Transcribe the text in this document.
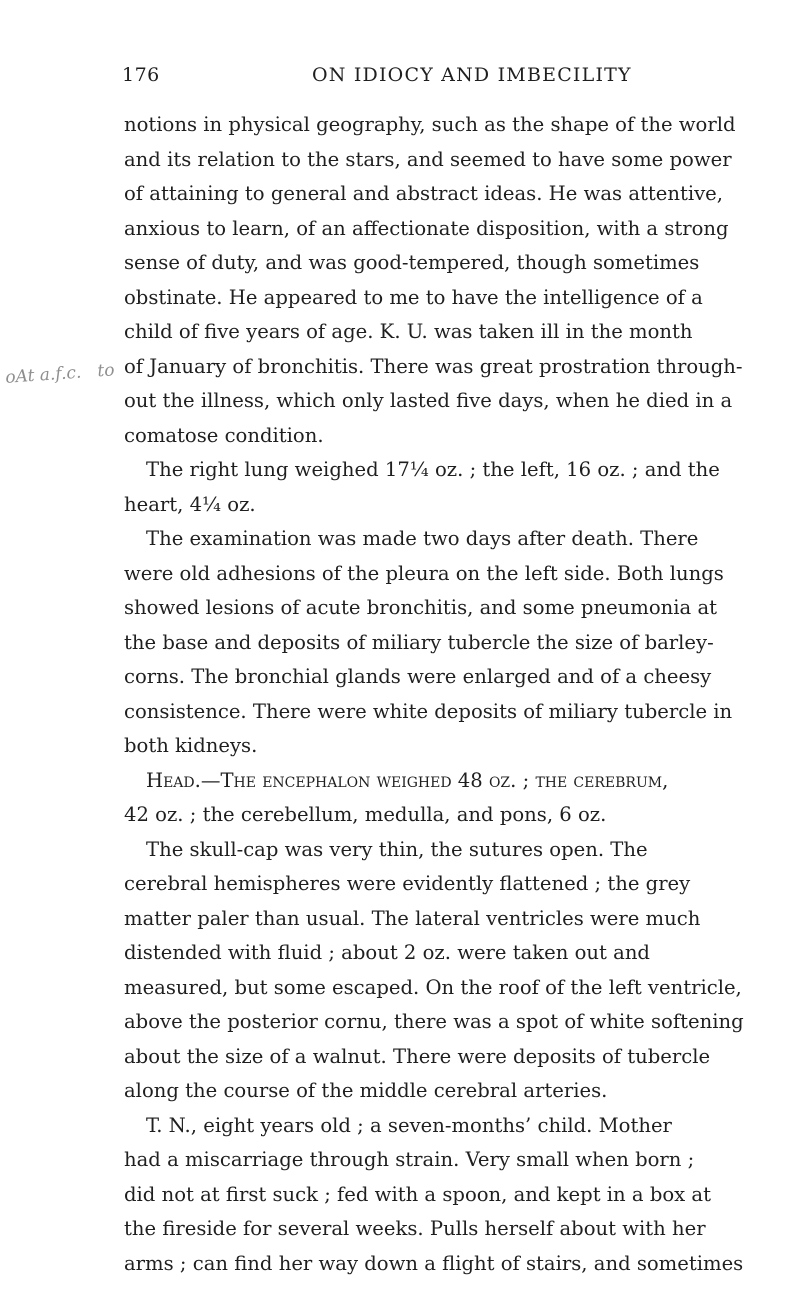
176	ON IDIOCY AND IMBECILITY
oAt a.f.c.   to
notions in physical geography, such as the shape of the world
and its relation to the stars, and seemed to have some power
of attaining to general and abstract ideas. He was attentive,
anxious to learn, of an affectionate disposition, with a strong
sense of duty, and was good-tempered, though sometimes
obstinate. He appeared to me to have the intelligence of a
child of five years of age. K. U. was taken ill in the month
of January of bronchitis. There was great prostration through-
out the illness, which only lasted five days, when he died in a
comatose condition.
The right lung weighed 17¼ oz. ; the left, 16 oz. ; and the
heart, 4¼ oz.
The examination was made two days after death. There
were old adhesions of the pleura on the left side. Both lungs
showed lesions of acute bronchitis, and some pneumonia at
the base and deposits of miliary tubercle the size of barley-
corns. The bronchial glands were enlarged and of a cheesy
consistence. There were white deposits of miliary tubercle in
both kidneys.
Head.—The encephalon weighed 48 oz. ; the cerebrum,
42 oz. ; the cerebellum, medulla, and pons, 6 oz.
The skull-cap was very thin, the sutures open. The
cerebral hemispheres were evidently flattened ; the grey
matter paler than usual. The lateral ventricles were much
distended with fluid ; about 2 oz. were taken out and
measured, but some escaped. On the roof of the left ventricle,
above the posterior cornu, there was a spot of white softening
about the size of a walnut. There were deposits of tubercle
along the course of the middle cerebral arteries.
T. N., eight years old ; a seven-months’ child. Mother
had a miscarriage through strain. Very small when born ;
did not at first suck ; fed with a spoon, and kept in a box at
the fireside for several weeks. Pulls herself about with her
arms ; can find her way down a flight of stairs, and sometimes
